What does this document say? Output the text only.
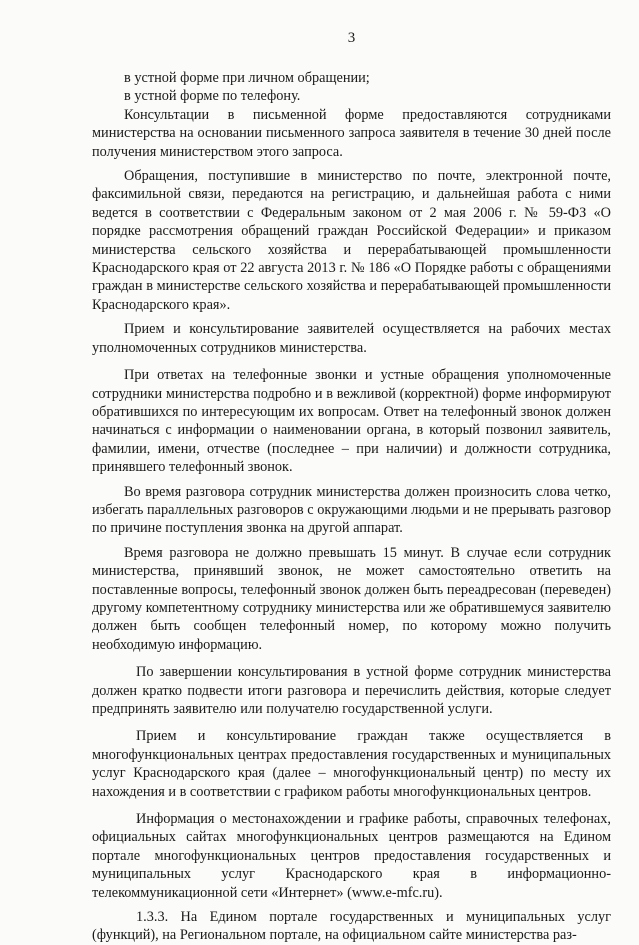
3

в устной форме при личном обращении;

в устной форме по телефону.

Консультации в письменной форме предоставляются сотрудниками министерства на основании письменного запроса заявителя в течение 30 дней после получения министерством этого запроса.

Обращения, поступившие в министерство по почте, электронной почте, факсимильной связи, передаются на регистрацию, и дальнейшая работа с ними ведется в соответствии с Федеральным законом от 2 мая 2006 г. № 59-ФЗ «О порядке рассмотрения обращений граждан Российской Федерации» и приказом министерства сельского хозяйства и перерабатывающей промышленности Краснодарского края от 22 августа 2013 г. № 186 «О Порядке работы с обращениями граждан в министерстве сельского хозяйства и перерабатывающей промышленности Краснодарского края».

Прием и консультирование заявителей осуществляется на рабочих местах уполномоченных сотрудников министерства.

При ответах на телефонные звонки и устные обращения уполномоченные сотрудники министерства подробно и в вежливой (корректной) форме информируют обратившихся по интересующим их вопросам. Ответ на телефонный звонок должен начинаться с информации о наименовании органа, в который позвонил заявитель, фамилии, имени, отчестве (последнее – при наличии) и должности сотрудника, принявшего телефонный звонок.

Во время разговора сотрудник министерства должен произносить слова четко, избегать параллельных разговоров с окружающими людьми и не прерывать разговор по причине поступления звонка на другой аппарат.

Время разговора не должно превышать 15 минут. В случае если сотрудник министерства, принявший звонок, не может самостоятельно ответить на поставленные вопросы, телефонный звонок должен быть переадресован (переведен) другому компетентному сотруднику министерства или же обратившемуся заявителю должен быть сообщен телефонный номер, по которому можно получить необходимую информацию.

По завершении консультирования в устной форме сотрудник министерства должен кратко подвести итоги разговора и перечислить действия, которые следует предпринять заявителю или получателю государственной услуги.

Прием и консультирование граждан также осуществляется в многофункциональных центрах предоставления государственных и муниципальных услуг Краснодарского края (далее – многофункциональный центр) по месту их нахождения и в соответствии с графиком работы многофункциональных центров.

Информация о местонахождении и графике работы, справочных телефонах, официальных сайтах многофункциональных центров размещаются на Едином портале многофункциональных центров предоставления государственных и муниципальных услуг Краснодарского края в информационно-телекоммуникационной сети «Интернет» (www.e-mfc.ru).

1.3.3. На Едином портале государственных и муниципальных услуг (функций), на Региональном портале, на официальном сайте министерства раз-
